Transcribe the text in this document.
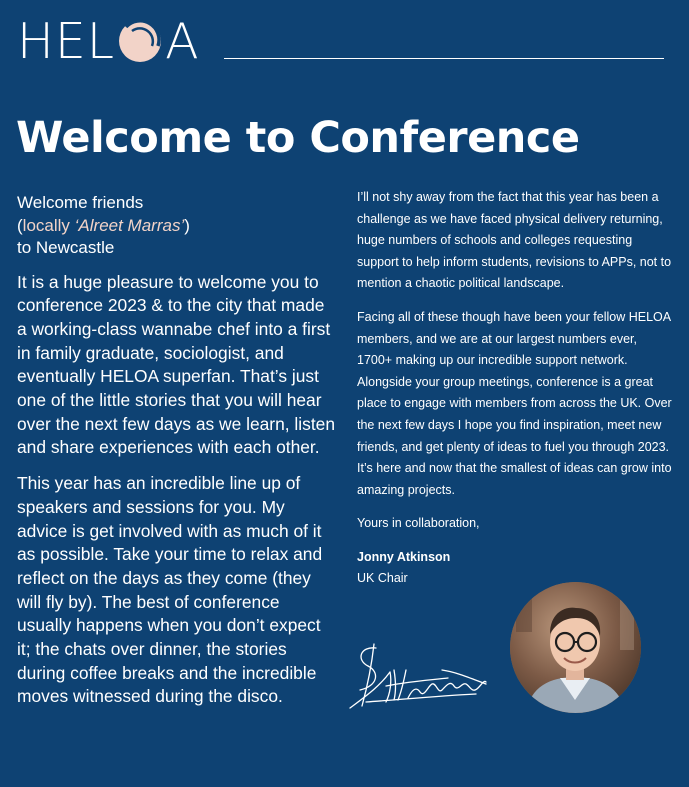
HEL A
Welcome to Conference
Welcome friends
(locally ‘Alreet Marras’)
to Newcastle

It is a huge pleasure to welcome you to conference 2023 & to the city that made a working-class wannabe chef into a first in family graduate, sociologist, and eventually HELOA superfan. That’s just one of the little stories that you will hear over the next few days as we learn, listen and share experiences with each other.

This year has an incredible line up of speakers and sessions for you. My advice is get involved with as much of it as possible. Take your time to relax and reflect on the days as they come (they will fly by). The best of conference usually happens when you don’t expect it; the chats over dinner, the stories during coffee breaks and the incredible moves witnessed during the disco.

I’ll not shy away from the fact that this year has been a challenge as we have faced physical delivery returning, huge numbers of schools and colleges requesting support to help inform students, revisions to APPs, not to mention a chaotic political landscape.

Facing all of these though have been your fellow HELOA members, and we are at our largest numbers ever, 1700+ making up our incredible support network. Alongside your group meetings, conference is a great place to engage with members from across the UK. Over the next few days I hope you find inspiration, meet new friends, and get plenty of ideas to fuel you through 2023. It’s here and now that the smallest of ideas can grow into amazing projects.

Yours in collaboration,

Jonny Atkinson
UK Chair
